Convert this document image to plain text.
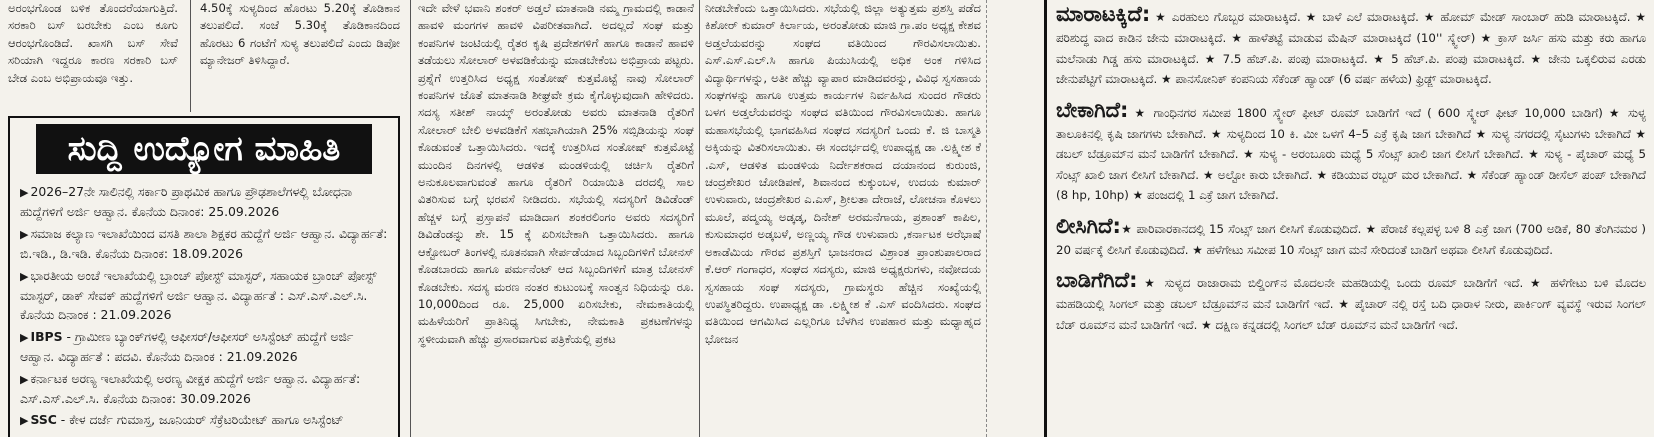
ಅರಂಭಗೊಂಡ ಬಳಿಕ ತೊಂದರೆಯಾಗುತ್ತಿದೆ. ಸರಕಾರಿ ಬಸ್ ಬರಬೇಕು ಎಂಬ ಕೂಗು ಆರಂಭಗೊಂಡಿದೆ. ಖಾಸಗಿ ಬಸ್ ಸೇವೆ ಸರಿಯಾಗಿ ಇದ್ದರೂ ಕಾರಣ ಸರಕಾರಿ ಬಸ್ ಬೇಡ ಎಂಬ ಅಭಿಪ್ರಾಯವೂ ಇತ್ತು.

4.50ಕ್ಕೆ ಸುಳ್ಯದಿಂದ ಹೊರಟು 5.20ಕ್ಕೆ ತೊಡಿಕಾನ ತಲುಪಲಿದೆ. ಸಂಜೆ 5.30ಕ್ಕೆ ತೊಡಿಕಾನದಿಂದ ಹೊರಟು 6 ಗಂಟೆಗೆ ಸುಳ್ಯ ತಲುಪಲಿದೆ ಎಂದು ಡಿಪೋ ಮ್ಯಾನೇಜರ್ ತಿಳಿಸಿದ್ದಾರೆ.

ಸುದ್ದಿ ಉದ್ಯೋಗ ಮಾಹಿತಿ
▶ 2026–27ನೇ ಸಾಲಿನಲ್ಲಿ ಸರ್ಕಾರಿ ಪ್ರಾಥಮಿಕ ಹಾಗೂ ಪ್ರೌಢಶಾಲೆಗಳಲ್ಲಿ ಬೋಧನಾ ಹುದ್ದೆಗಳಿಗೆ ಅರ್ಜಿ ಆಹ್ವಾನ. ಕೊನೆಯ ದಿನಾಂಕ: 25.09.2026
▶ ಸಮಾಜ ಕಲ್ಯಾಣ ಇಲಾಖೆಯಿಂದ ವಸತಿ ಶಾಲಾ ಶಿಕ್ಷಕರ ಹುದ್ದೆಗೆ ಅರ್ಜಿ ಆಹ್ವಾನ. ವಿದ್ಯಾರ್ಹತೆ: ಬಿ.ಇಡಿ., ಡಿ.ಇಡಿ. ಕೊನೆಯ ದಿನಾಂಕ: 18.09.2026
▶ ಭಾರತೀಯ ಅಂಚೆ ಇಲಾಖೆಯಲ್ಲಿ ಬ್ರಾಂಚ್ ಪೋಸ್ಟ್ ಮಾಸ್ಟರ್, ಸಹಾಯಕ ಬ್ರಾಂಚ್ ಪೋಸ್ಟ್ ಮಾಸ್ಟರ್, ಡಾಕ್ ಸೇವಕ್ ಹುದ್ದೆಗಳಿಗೆ ಅರ್ಜಿ ಆಹ್ವಾನ. ವಿದ್ಯಾರ್ಹತೆ : ಎಸ್.ಎಸ್.ಎಲ್.ಸಿ. ಕೊನೆಯ ದಿನಾಂಕ : 21.09.2026
▶ IBPS - ಗ್ರಾಮೀಣ ಬ್ಯಾಂಕ್‌ಗಳಲ್ಲಿ ಆಫೀಸರ್/ಆಫೀಸರ್ ಅಸಿಸ್ಟೆಂಟ್ ಹುದ್ದೆಗೆ ಅರ್ಜಿ ಆಹ್ವಾನ. ವಿದ್ಯಾರ್ಹತೆ : ಪದವಿ. ಕೊನೆಯ ದಿನಾಂಕ : 21.09.2026
▶ ಕರ್ನಾಟಕ ಅರಣ್ಯ ಇಲಾಖೆಯಲ್ಲಿ ಅರಣ್ಯ ವೀಕ್ಷಕ ಹುದ್ದೆಗೆ ಅರ್ಜಿ ಆಹ್ವಾನ. ವಿದ್ಯಾರ್ಹತೆ: ಎಸ್.ಎಸ್.ಎಲ್.ಸಿ. ಕೊನೆಯ ದಿನಾಂಕ: 30.09.2026
▶ SSC - ಕೇಳ ದರ್ಜೆ ಗುಮಾಸ್ತ, ಜೂನಿಯರ್ ಸೆಕ್ರೆಟರಿಯೇಟ್ ಹಾಗೂ ಅಸಿಸ್ಟೆಂಟ್

ಇದೇ ವೇಳೆ ಭವಾನಿ ಶಂಕರ್ ಅಡ್ತಲೆ ಮಾತನಾಡಿ ನಮ್ಮ ಗ್ರಾಮದಲ್ಲಿ ಕಾಡಾನೆ ಹಾವಳಿ ಮಂಗಗಳ ಹಾವಳಿ ವಿಪರೀತವಾಗಿದೆ. ಅದಲ್ಲದೆ ಸಂಘ ಮತ್ತು ಕಂಪನಿಗಳ ಜಂಟಿಯಲ್ಲಿ ರೈತರ ಕೃಷಿ ಪ್ರದೇಶಗಳಿಗೆ ಹಾಗೂ ಕಾಡಾನೆ ಹಾವಳಿ ತಡೆಯಲು ಸೋಲಾರ್ ಅಳವಡಿಕೆಯನ್ನು ಮಾಡಬೇಕೆಂಬ ಅಭಿಪ್ರಾಯ ಪಟ್ಟರು. ಪ್ರಶ್ನೆಗೆ ಉತ್ತರಿಸಿದ ಅಧ್ಯಕ್ಷ ಸಂತೋಷ್ ಕುತ್ತಮೊಟ್ಟೆ ನಾವು ಸೋಲಾರ್ ಕಂಪನಿಗಳ ಜೊತೆ ಮಾತನಾಡಿ ಶೀಘ್ರವೇ ಕ್ರಮ ಕೈಗೊಳ್ಳುವುದಾಗಿ ಹೇಳಿದರು. ಸದಸ್ಯ ಸತೀಶ್ ನಾಯ್ಕ್ ಅರಂತೋಡು ಅವರು ಮಾತನಾಡಿ ರೈತರಿಗೆ ಸೋಲಾರ್ ಬೇಲಿ ಅಳವಡಿಕೆಗೆ ಸಹಭಾಗಿಯಾಗಿ 25% ಸಬ್ಸಿಡಿಯನ್ನು ಸಂಘ ಕೊಡುವಂತೆ ಒತ್ತಾಯಿಸಿದರು. ಇದಕ್ಕೆ ಉತ್ತರಿಸಿದ ಸಂತೋಷ್ ಕುತ್ತಮೊಟ್ಟೆ ಮುಂದಿನ ದಿನಗಳಲ್ಲಿ ಆಡಳಿತ ಮಂಡಳಿಯಲ್ಲಿ ಚರ್ಚಿಸಿ ರೈತರಿಗೆ ಅನುಕೂಲವಾಗುವಂತೆ ಹಾಗೂ ರೈತರಿಗೆ ರಿಯಾಯಿತಿ ದರದಲ್ಲಿ ಸಾಲ ವಿತರಿಸುವ ಬಗ್ಗೆ ಭರವಸೆ ನೀಡಿದರು. ಸಭೆಯಲ್ಲಿ ಸದಸ್ಯರಿಗೆ ಡಿವಿಡೆಂಡ್ ಹೆಚ್ಚಳ ಬಗ್ಗೆ ಪ್ರಸ್ತಾಪನೆ ಮಾಡಿದಾಗ ಶಂಕರಲಿಂಗಂ ಅವರು ಸದಸ್ಯರಿಗೆ ಡಿವಿಡೆಂಡನ್ನು ಶೇ. 15 ಕ್ಕೆ ಏರಿಸಬೇಕಾಗಿ ಒತ್ತಾಯಿಸಿದರು. ಹಾಗೂ ಆಕ್ಟೋಬರ್ ತಿಂಗಳಲ್ಲಿ ನೂತನವಾಗಿ ಸೇರ್ಪಡೆಯಾದ ಸಿಬ್ಬಂದಿಗಳಿಗೆ ಬೋನಸ್ ಕೊಡಬಾರದು ಹಾಗೂ ಪರ್ಮನೆಂಟ್ ಆದ ಸಿಬ್ಬಂದಿಗಳಿಗೆ ಮಾತ್ರ ಬೋನಸ್ ಕೊಡಬೇಕು. ಸದಸ್ಯ ಮರಣ ನಂತರ ಕುಟುಂಬಕ್ಕೆ ಸಾಂತ್ವನ ನಿಧಿಯನ್ನು ರೂ. 10,000ದಿಂದ ರೂ. 25,000 ಏರಿಸಬೇಕು, ನೇಮಕಾತಿಯಲ್ಲಿ ಮಹಿಳೆಯರಿಗೆ ಪ್ರಾತಿನಿಧ್ಯ ಸಿಗಬೇಕು, ನೇಮಕಾತಿ ಪ್ರಕಟಣೆಗಳನ್ನು ಸ್ಥಳೀಯವಾಗಿ ಹೆಚ್ಚು ಪ್ರಸಾರವಾಗುವ ಪತ್ರಿಕೆಯಲ್ಲಿ ಪ್ರಕಟ

ನೀಡಬೇಕೆಂದು ಒತ್ತಾಯಿಸಿದರು. ಸಭೆಯಲ್ಲಿ ಜಿಲ್ಲಾ ಅತ್ಯುತ್ತಮ ಪ್ರಶಸ್ತಿ ಪಡೆದ ಕಿಶೋರ್ ಕುಮಾರ್ ಕಿರ್ಲಾಯ, ಅರಂತೋಡು ಮಾಜಿ ಗ್ರಾ.ಪಂ ಅಧ್ಯಕ್ಷ ಕೇಶವ ಅಡ್ತಲೆಯವರನ್ನು ಸಂಘದ ವತಿಯಿಂದ ಗೌರವಿಸಲಾಯಿತು. ಎಸ್.ಎಸ್.ಎಲ್.ಸಿ ಹಾಗೂ ಪಿಯುಸಿಯಲ್ಲಿ ಅಧಿಕ ಅಂಕ ಗಳಿಸಿದ ವಿದ್ಯಾರ್ಥಿಗಳನ್ನು, ಅತೀ ಹೆಚ್ಚು ವ್ಯಾಪಾರ ಮಾಡಿದವರನ್ನು, ವಿವಿಧ ಸ್ವಸಹಾಯ ಸಂಘಗಳನ್ನು ಹಾಗೂ ಉತ್ತಮ ಕಾರ್ಯಗಳ ನಿರ್ವಹಿಸಿದ ಸುಂದರ ಗೌಡರು ಬಳಗ ಅಡ್ತಲೆಯವರನ್ನು ಸಂಘದ ವತಿಯಿಂದ ಗೌರವಿಸಲಾಯಿತು. ಹಾಗೂ ಮಹಾಸಭೆಯಲ್ಲಿ ಭಾಗವಹಿಸಿದ ಸಂಘದ ಸದಸ್ಯರಿಗೆ ಒಂದು ಕೆ. ಜಿ ಬಾಸ್ಮತಿ ಅಕ್ಕಿಯನ್ನು ವಿತರಿಸಲಾಯಿತು. ಈ ಸಂದರ್ಭದಲ್ಲಿ ಉಪಾಧ್ಯಕ್ಷ ಡಾ .ಲಕ್ಷ್ಮೀಶ ಕೆ .ಎಸ್, ಆಡಳಿತ ಮಂಡಳಿಯ ನಿರ್ದೇಶಕರಾದ ದಯಾನಂದ ಕುರುಂಜಿ, ಚಂದ್ರಶೇಖರ ಚೋಡಿಪಣೆ, ಶಿವಾನಂದ ಕುಕ್ಕುಂಬಳ, ಉದಯ ಕುಮಾರ್ ಉಳುವಾರು, ಚಂದ್ರಶೇಖರ ಎ.ಎಸ್, ಶ್ರೀಲತಾ ದೇರಾಜೆ, ಲೋಚನಾ ಕೊಳಲು ಮೂಲೆ, ಪದ್ಮಯ್ಯ ಅಡ್ಕಡ್ಕ, ದಿನೇಶ್ ಅರಮನೆಗಾಯ, ಪ್ರಶಾಂತ್ ಕಾಪಿಲ, ಕುಸುಮಾಧರ ಅಡ್ಕಬಳೆ, ಅಣ್ಣಯ್ಯ ಗೌಡ ಉಳುವಾರು ,ಕರ್ನಾಟಕ ಅರೆಭಾಷೆ ಅಕಾಡೆಮಿಯ ಗೌರವ ಪ್ರಶಸ್ತಿಗೆ ಭಾಜನರಾದ ವಿಶ್ರಾಂತ ಪ್ರಾಂಶುಪಾಲರಾದ ಕೆ.ಆರ್ ಗಂಗಾಧರ, ಸಂಘದ ಸದಸ್ಯರು, ಮಾಜಿ ಅಧ್ಯಕ್ಷರುಗಳು, ನವೋದಯ ಸ್ವಸಹಾಯ ಸಂಘ ಸದಸ್ಯರು, ಗ್ರಾಮಸ್ಥರು ಹೆಚ್ಚಿನ ಸಂಖ್ಯೆಯಲ್ಲಿ ಉಪಸ್ಥಿತರಿದ್ದರು. ಉಪಾಧ್ಯಕ್ಷ ಡಾ .ಲಕ್ಷ್ಮೀಶ ಕೆ .ಎಸ್ ವಂದಿಸಿದರು. ಸಂಘದ ವತಿಯಿಂದ ಆಗಮಿಸಿದ ಎಲ್ಲರಿಗೂ ಬೆಳಗಿನ ಉಪಹಾರ ಮತ್ತು ಮಧ್ಯಾಹ್ನದ ಭೋಜನ

ಮಾರಾಟಕ್ಕಿದೆ: ★ ಎರಹುಲು ಗೊಬ್ಬರ ಮಾರಾಟಕ್ಕಿದೆ. ★ ಬಾಳೆ ಎಲೆ ಮಾರಾಟಕ್ಕಿದೆ. ★ ಹೋಮ್ ಮೇಡ್ ಸಾಂಬಾರ್ ಹುಡಿ ಮಾರಾಟಕ್ಕಿದೆ. ★ ಪರಿಶುದ್ಧ ವಾದ ಕಾಡಿನ ಜೇನು ಮಾರಾಟಕ್ಕಿದೆ. ★ ಹಾಳೆತಟ್ಟೆ ಮಾಡುವ ಮೆಷಿನ್ ಮಾರಾಟಕ್ಕಿದೆ (10'' ಸ್ಕ್ವೇರ್) ★ ಕ್ರಾಸ್ ಜರ್ಸಿ ಹಸು ಮತ್ತು ಕರು ಹಾಗೂ ಮಲೆನಾಡು ಗಿಡ್ಡ ಹಸು ಮಾರಾಟಕ್ಕಿದೆ. ★ 7.5 ಹೆಚ್.ಪಿ. ಪಂಪು ಮಾರಾಟಕ್ಕಿದೆ. ★ 5 ಹೆಚ್.ಪಿ. ಪಂಪು ಮಾರಾಟಕ್ಕಿದೆ. ★ ಜೇನು ಒಕ್ಕಲಿರುವ ಎರಡು ಜೇನುಪೆಟ್ಟಿಗೆ ಮಾರಾಟಕ್ಕಿದೆ. ★ ಪಾನಸೋನಿಕ್ ಕಂಪನಿಯ ಸೆಕೆಂಡ್ ಹ್ಯಾಂಡ್ (6 ವರ್ಷ ಹಳೆಯ) ಫ್ರಿಡ್ಜ್ ಮಾರಾಟಕ್ಕಿದೆ.
ಬೇಕಾಗಿದೆ: ★ ಗಾಂಧಿನಗರ ಸಮೀಪ 1800 ಸ್ಕ್ವೇರ್ ಫೀಟ್ ರೂಮ್ ಬಾಡಿಗೆಗೆ ಇದೆ ( 600 ಸ್ಕ್ವೇರ್ ಫೀಟ್ 10,000 ಬಾಡಿಗೆ) ★ ಸುಳ್ಯ ತಾಲೂಕಿನಲ್ಲಿ ಕೃಷಿ ಜಾಗಗಳು ಬೇಕಾಗಿದೆ. ★ ಸುಳ್ಯದಿಂದ 10 ಕಿ. ಮೀ ಒಳಗೆ 4–5 ಎಕ್ರೆ ಕೃಷಿ ಜಾಗ ಬೇಕಾಗಿದೆ ★ ಸುಳ್ಯ ನಗರದಲ್ಲಿ ಸೈಟುಗಳು ಬೇಕಾಗಿದೆ ★ ಡಬಲ್ ಬೆಡ್ರೂಮ್‌ನ ಮನೆ ಬಾಡಿಗೆಗೆ ಬೇಕಾಗಿದೆ. ★ ಸುಳ್ಯ - ಅರಂಬೂರು ಮಧ್ಯೆ 5 ಸೆಂಟ್ಸ್ ಖಾಲಿ ಜಾಗ ಲೀಸಿಗೆ ಬೇಕಾಗಿದೆ. ★ ಸುಳ್ಯ - ಪೈಚಾರ್ ಮಧ್ಯೆ 5 ಸೆಂಟ್ಸ್ ಖಾಲಿ ಜಾಗ ಲೀಸಿಗೆ ಬೇಕಾಗಿದೆ. ★ ಅಲ್ಟೋ ಕಾರು ಬೇಕಾಗಿದೆ. ★ ಕಡಿಯುವ ರಬ್ಬರ್ ಮರ ಬೇಕಾಗಿದೆ. ★ ಸೆಕೆಂಡ್ ಹ್ಯಾಂಡ್ ಡೀಸೆಲ್ ಪಂಪ್ ಬೇಕಾಗಿದೆ (8 hp, 10hp) ★ ಪಂಜದಲ್ಲಿ 1 ಎಕ್ರೆ ಜಾಗ ಬೇಕಾಗಿದೆ.
ಲೀಸಿಗಿದೆ:★ ಪಾರಿವಾರಕಾನದಲ್ಲಿ 15 ಸೆಂಟ್ಸ್ ಜಾಗ ಲೀಸಿಗೆ ಕೊಡುವುದಿದೆ. ★ ಪೆರಾಜೆ ಕಲ್ಲಪಳ್ಳ ಬಳಿ 8 ಎಕ್ರೆ ಜಾಗ (700 ಅಡಿಕೆ, 80 ತೆಂಗಿನಮರ ) 20 ವರ್ಷಕ್ಕೆ ಲೀಸಿಗೆ ಕೊಡುವುದಿದೆ. ★ ಹಳೆಗೇಟು ಸಮೀಪ 10 ಸೆಂಟ್ಸ್ ಜಾಗ ಮನೆ ಸೇರಿದಂತೆ ಬಾಡಿಗೆ ಅಥವಾ ಲೀಸಿಗೆ ಕೊಡುವುದಿದೆ.
ಬಾಡಿಗೆಗಿದೆ: ★ ಸುಳ್ಯದ ರಾಜಾರಾಮ ಬಿಲ್ಡಿಂಗ್‌ನ ಮೊದಲನೇ ಮಹಡಿಯಲ್ಲಿ ಒಂದು ರೂಮ್ ಬಾಡಿಗೆಗೆ ಇದೆ. ★ ಹಳೆಗೇಟು ಬಳಿ ಮೊದಲ ಮಹಡಿಯಲ್ಲಿ ಸಿಂಗಲ್ ಮತ್ತು ಡಬಲ್ ಬೆಡ್ರೂಮ್‌ನ ಮನೆ ಬಾಡಿಗೆಗೆ ಇದೆ. ★ ಪೈಚಾರ್ ನಲ್ಲಿ ರಸ್ತೆ ಬದಿ ಧಾರಾಳ ನೀರು, ಪಾರ್ಕಿಂಗ್ ವ್ಯವಸ್ಥೆ ಇರುವ ಸಿಂಗಲ್ ಬೆಡ್ ರೂಮ್‌ನ ಮನೆ ಬಾಡಿಗೆಗೆ ಇದೆ. ★ ದಕ್ಷಿಣ ಕನ್ನಡದಲ್ಲಿ ಸಿಂಗಲ್ ಬೆಡ್ ರೂಮ್‌ನ ಮನೆ ಬಾಡಿಗೆಗೆ ಇದೆ.
